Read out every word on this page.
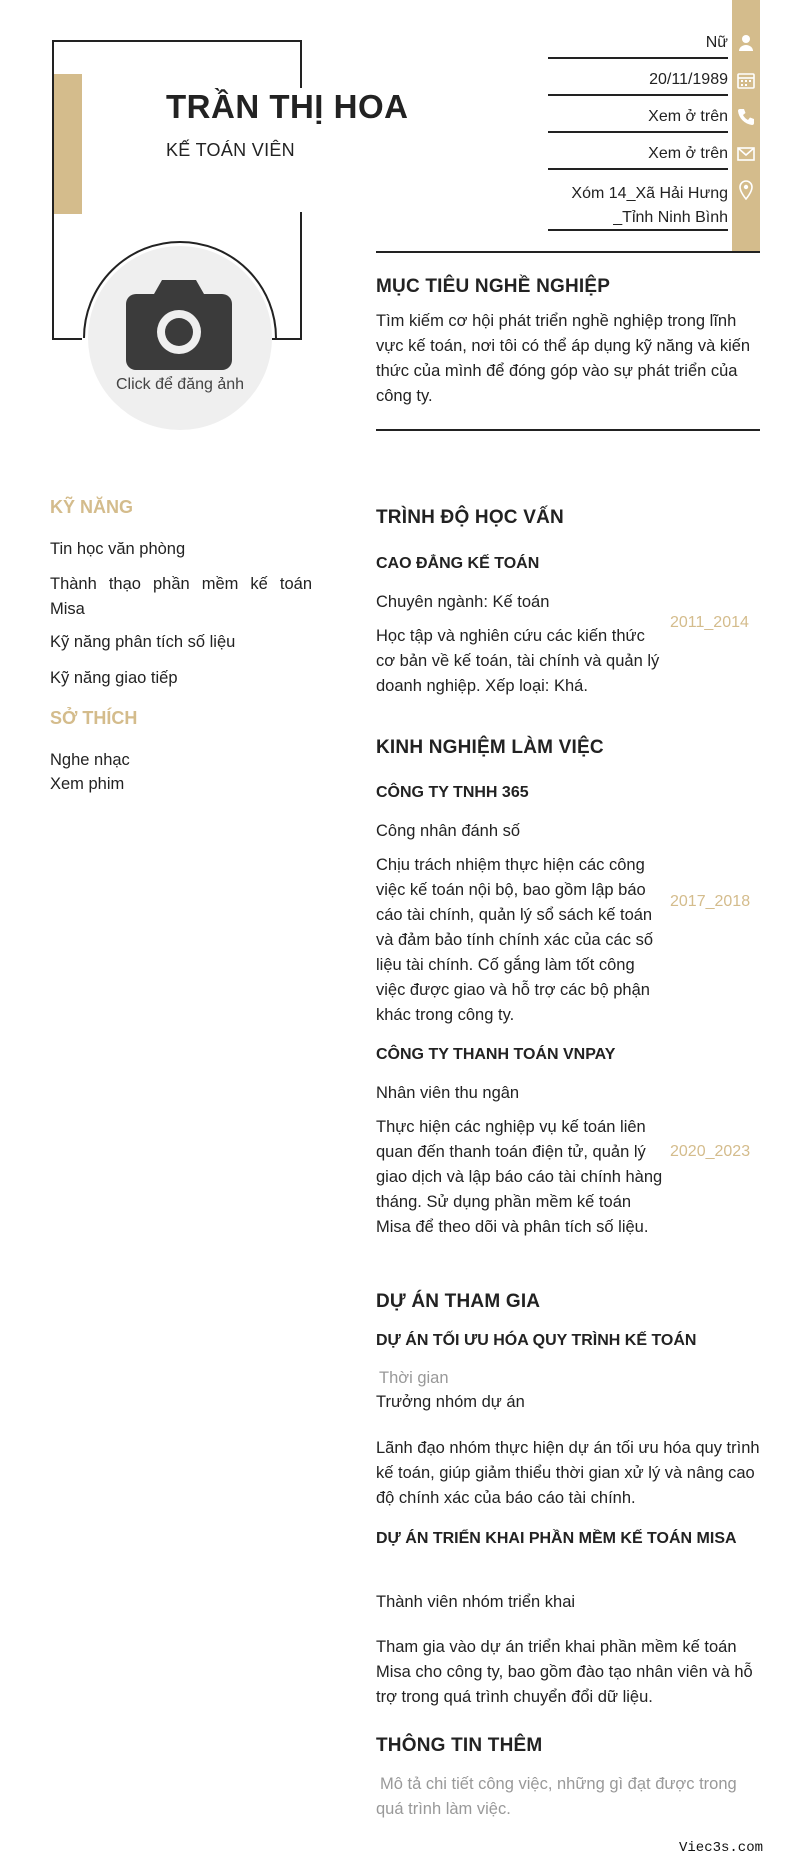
TRẦN THỊ HOA
KẾ TOÁN VIÊN
Click để đăng ảnh
Nữ
20/11/1989
Xem ở trên
Xem ở trên
Xóm 14_Xã Hải Hưng
_Tỉnh Ninh Bình
MỤC TIÊU NGHỀ NGHIỆP
Tìm kiếm cơ hội phát triển nghề nghiệp trong lĩnh vực kế toán, nơi tôi có thể áp dụng kỹ năng và kiến thức của mình để đóng góp vào sự phát triển của công ty.
KỸ NĂNG
Tin học văn phòng
Thành thạo phần mềm kế toán Misa
Kỹ năng phân tích số liệu
Kỹ năng giao tiếp
SỞ THÍCH
Nghe nhạc
Xem phim
TRÌNH ĐỘ HỌC VẤN
CAO ĐẲNG KẾ TOÁN
Chuyên ngành: Kế toán
Học tập và nghiên cứu các kiến thức cơ bản về kế toán, tài chính và quản lý doanh nghiệp. Xếp loại: Khá.
2011_2014
KINH NGHIỆM LÀM VIỆC
CÔNG TY TNHH 365
Công nhân đánh số
Chịu trách nhiệm thực hiện các công việc kế toán nội bộ, bao gồm lập báo cáo tài chính, quản lý sổ sách kế toán và đảm bảo tính chính xác của các số liệu tài chính. Cố gắng làm tốt công việc được giao và hỗ trợ các bộ phận khác trong công ty.
2017_2018
CÔNG TY THANH TOÁN VNPAY
Nhân viên thu ngân
Thực hiện các nghiệp vụ kế toán liên quan đến thanh toán điện tử, quản lý giao dịch và lập báo cáo tài chính hàng tháng. Sử dụng phần mềm kế toán Misa để theo dõi và phân tích số liệu.
2020_2023
DỰ ÁN THAM GIA
DỰ ÁN TỐI ƯU HÓA QUY TRÌNH KẾ TOÁN
Thời gian
Trưởng nhóm dự án
Lãnh đạo nhóm thực hiện dự án tối ưu hóa quy trình kế toán, giúp giảm thiểu thời gian xử lý và nâng cao độ chính xác của báo cáo tài chính.
DỰ ÁN TRIỂN KHAI PHẦN MỀM KẾ TOÁN MISA
Thành viên nhóm triển khai
Tham gia vào dự án triển khai phần mềm kế toán Misa cho công ty, bao gồm đào tạo nhân viên và hỗ trợ trong quá trình chuyển đổi dữ liệu.
THÔNG TIN THÊM
Mô tả chi tiết công việc, những gì đạt được trong quá trình làm việc.
Viec3s.com
